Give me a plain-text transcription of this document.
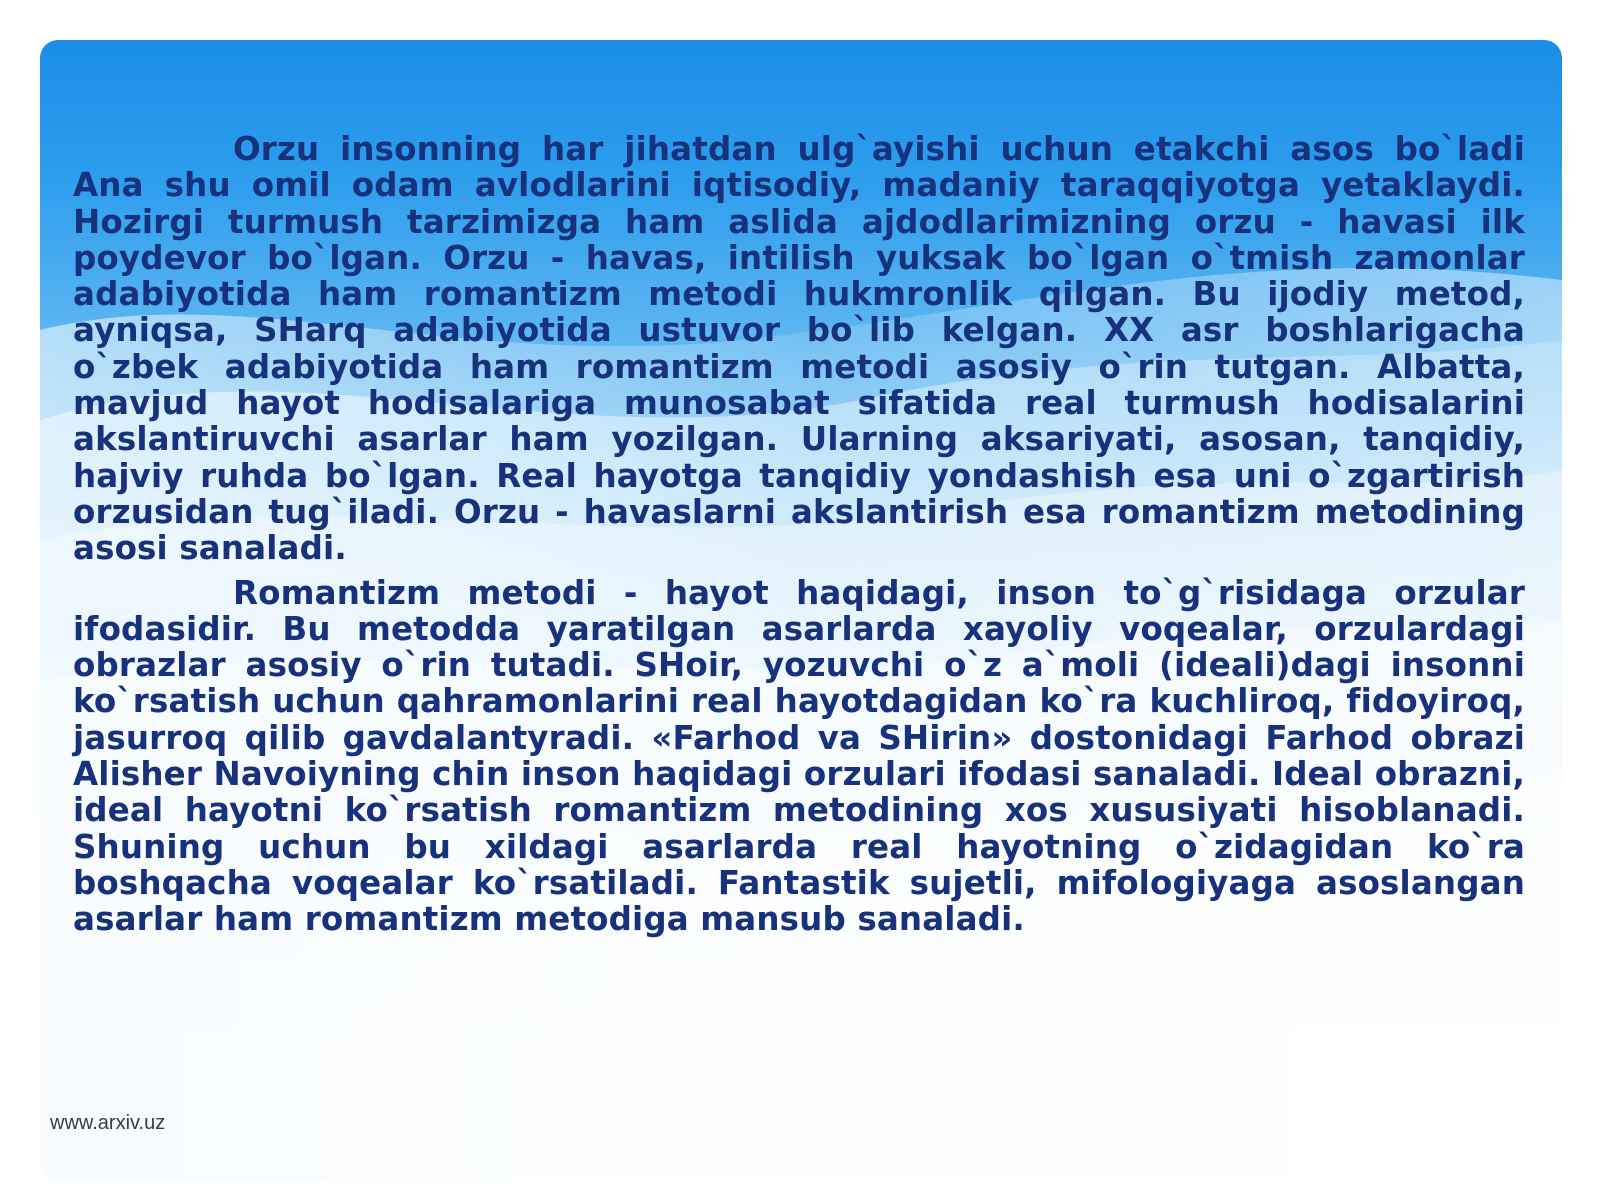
Orzu insonning har jihatdan ulg`ayishi uchun etakchi asos bo`ladi Ana shu omil odam avlodlarini iqtisodiy, madaniy taraqqiyotga yetaklaydi. Hozirgi turmush tarzimizga ham aslida ajdodlarimizning orzu - havasi ilk poydevor bo`lgan. Orzu - havas, intilish yuksak bo`lgan o`tmish zamonlar adabiyotida ham romantizm metodi hukmronlik qilgan. Bu ijodiy metod, ayniqsa, SHarq adabiyotida ustuvor bo`lib kelgan. XX asr boshlarigacha o`zbek adabiyotida ham romantizm metodi asosiy o`rin tutgan. Albatta, mavjud hayot hodisalariga munosabat sifatida real turmush hodisalarini akslantiruvchi asarlar ham yozilgan. Ularning aksariyati, asosan, tanqidiy, hajviy ruhda bo`lgan. Real hayotga tanqidiy yondashish esa uni o`zgartirish orzusidan tug`iladi. Orzu - havaslarni akslantirish esa romantizm metodining asosi sanaladi.

Romantizm metodi - hayot haqidagi, inson to`g`risidaga orzular ifodasidir. Bu metodda yaratilgan asarlarda xayoliy voqealar, orzulardagi obrazlar asosiy o`rin tutadi. SHoir, yozuvchi o`z a`moli (ideali)dagi insonni ko`rsatish uchun qahramonlarini real hayotdagidan ko`ra kuchliroq, fidoyiroq, jasurroq qilib gavdalantyradi. «Farhod va SHirin» dostonidagi Farhod obrazi Alisher Navoiyning chin inson haqidagi orzulari ifodasi sanaladi. Ideal obrazni, ideal hayotni ko`rsatish romantizm metodining xos xususiyati hisoblanadi. Shuning uchun bu xildagi asarlarda real hayotning o`zidagidan ko`ra boshqacha voqealar ko`rsatiladi. Fantastik sujetli, mifologiyaga asoslangan asarlar ham romantizm metodiga mansub sanaladi.

www.arxiv.uz
